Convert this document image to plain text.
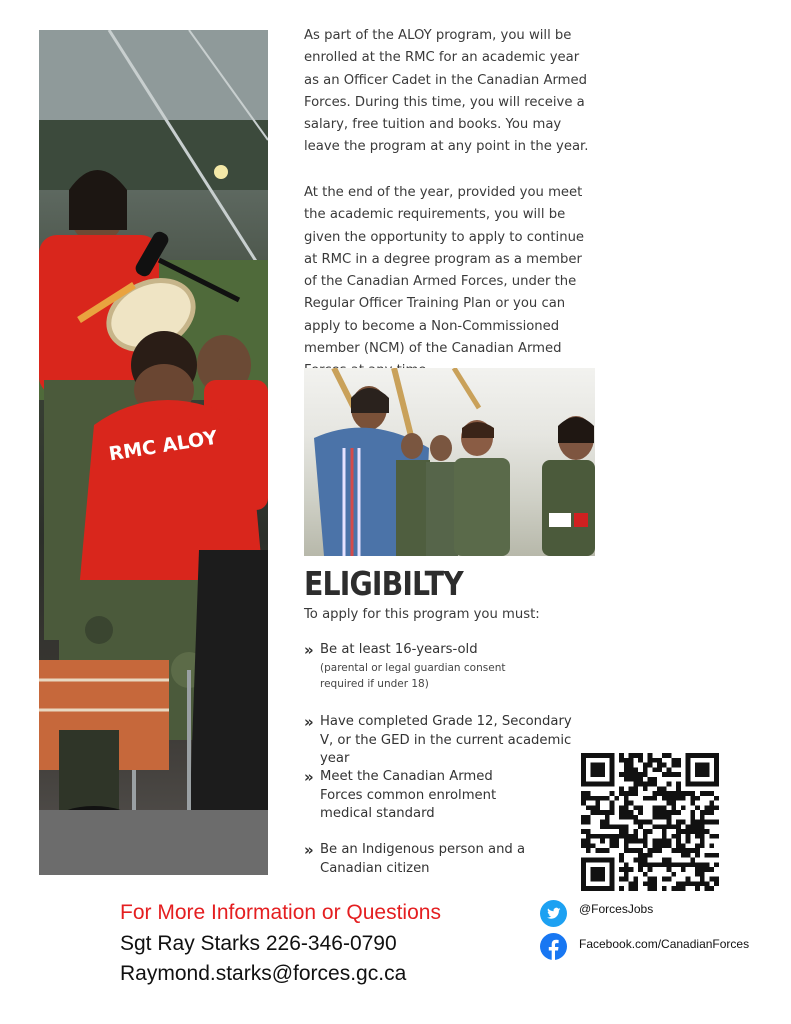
RMC ALOY

As part of the ALOY program, you will be enrolled at the RMC for an academic year as an Officer Cadet in the Canadian Armed Forces. During this time, you will receive a salary, free tuition and books. You may leave the program at any point in the year.

At the end of the year, provided you meet the academic requirements, you will be given the opportunity to apply to continue at RMC in a degree program as a member of the Canadian Armed Forces, under the Regular Officer Training Plan or you can apply to become a Non-Commissioned member (NCM) of the Canadian Armed

ELIGIBILTY

To apply for this program you must:

» Be at least 16-years-old
(parental or legal guardian consent required if under 18)
» Have completed Grade 12, Secondary V, or the GED in the current academic year
» Meet the Canadian Armed Forces common enrolment medical standard
» Be an Indigenous person and a Canadian citizen

For More Information or Questions

Sgt Ray Starks 226-346-0790

Raymond.starks@forces.gc.ca

@ForcesJobs

Facebook.com/CanadianForces
